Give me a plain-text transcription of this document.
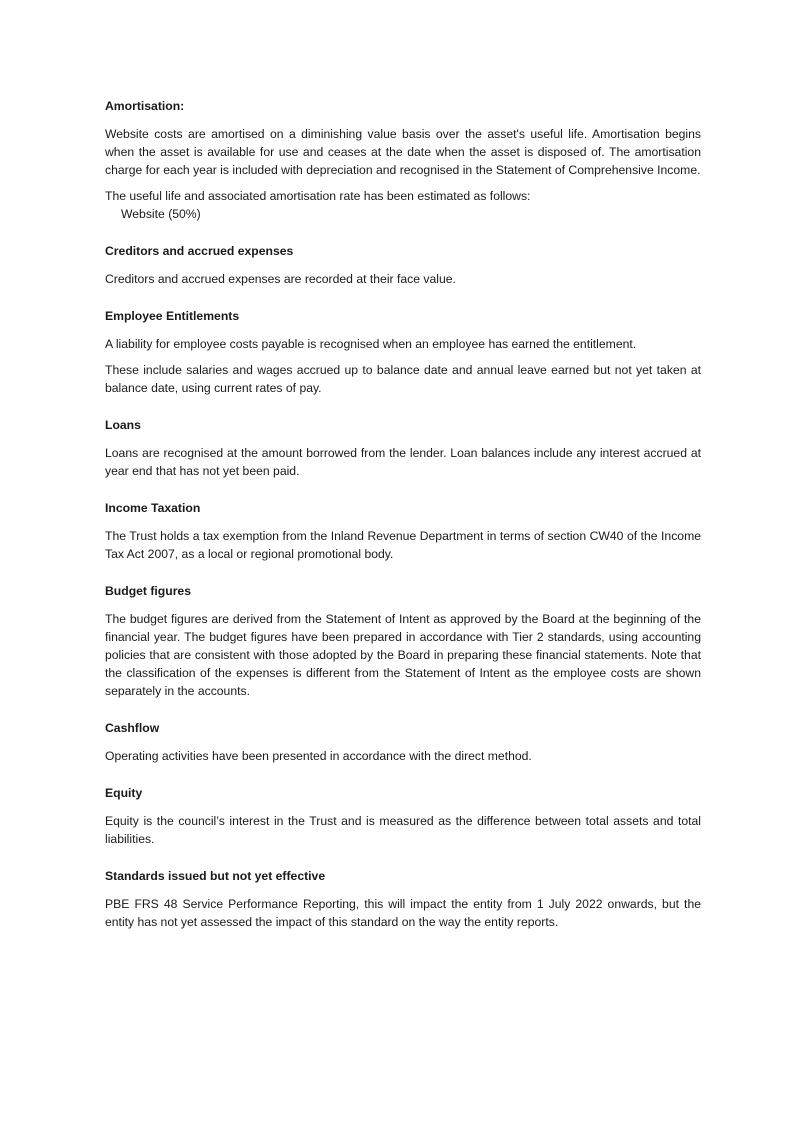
Amortisation:

Website costs are amortised on a diminishing value basis over the asset's useful life. Amortisation begins when the asset is available for use and ceases at the date when the asset is disposed of. The amortisation charge for each year is included with depreciation and recognised in the Statement of Comprehensive Income.

The useful life and associated amortisation rate has been estimated as follows:

Website (50%)

Creditors and accrued expenses

Creditors and accrued expenses are recorded at their face value.

Employee Entitlements

A liability for employee costs payable is recognised when an employee has earned the entitlement.

These include salaries and wages accrued up to balance date and annual leave earned but not yet taken at balance date, using current rates of pay.

Loans

Loans are recognised at the amount borrowed from the lender. Loan balances include any interest accrued at year end that has not yet been paid.

Income Taxation

The Trust holds a tax exemption from the Inland Revenue Department in terms of section CW40 of the Income Tax Act 2007, as a local or regional promotional body.

Budget figures

The budget figures are derived from the Statement of Intent as approved by the Board at the beginning of the financial year. The budget figures have been prepared in accordance with Tier 2 standards, using accounting policies that are consistent with those adopted by the Board in preparing these financial statements. Note that the classification of the expenses is different from the Statement of Intent as the employee costs are shown separately in the accounts.

Cashflow

Operating activities have been presented in accordance with the direct method.

Equity

Equity is the council’s interest in the Trust and is measured as the difference between total assets and total liabilities.

Standards issued but not yet effective

PBE FRS 48 Service Performance Reporting, this will impact the entity from 1 July 2022 onwards, but the entity has not yet assessed the impact of this standard on the way the entity reports.
